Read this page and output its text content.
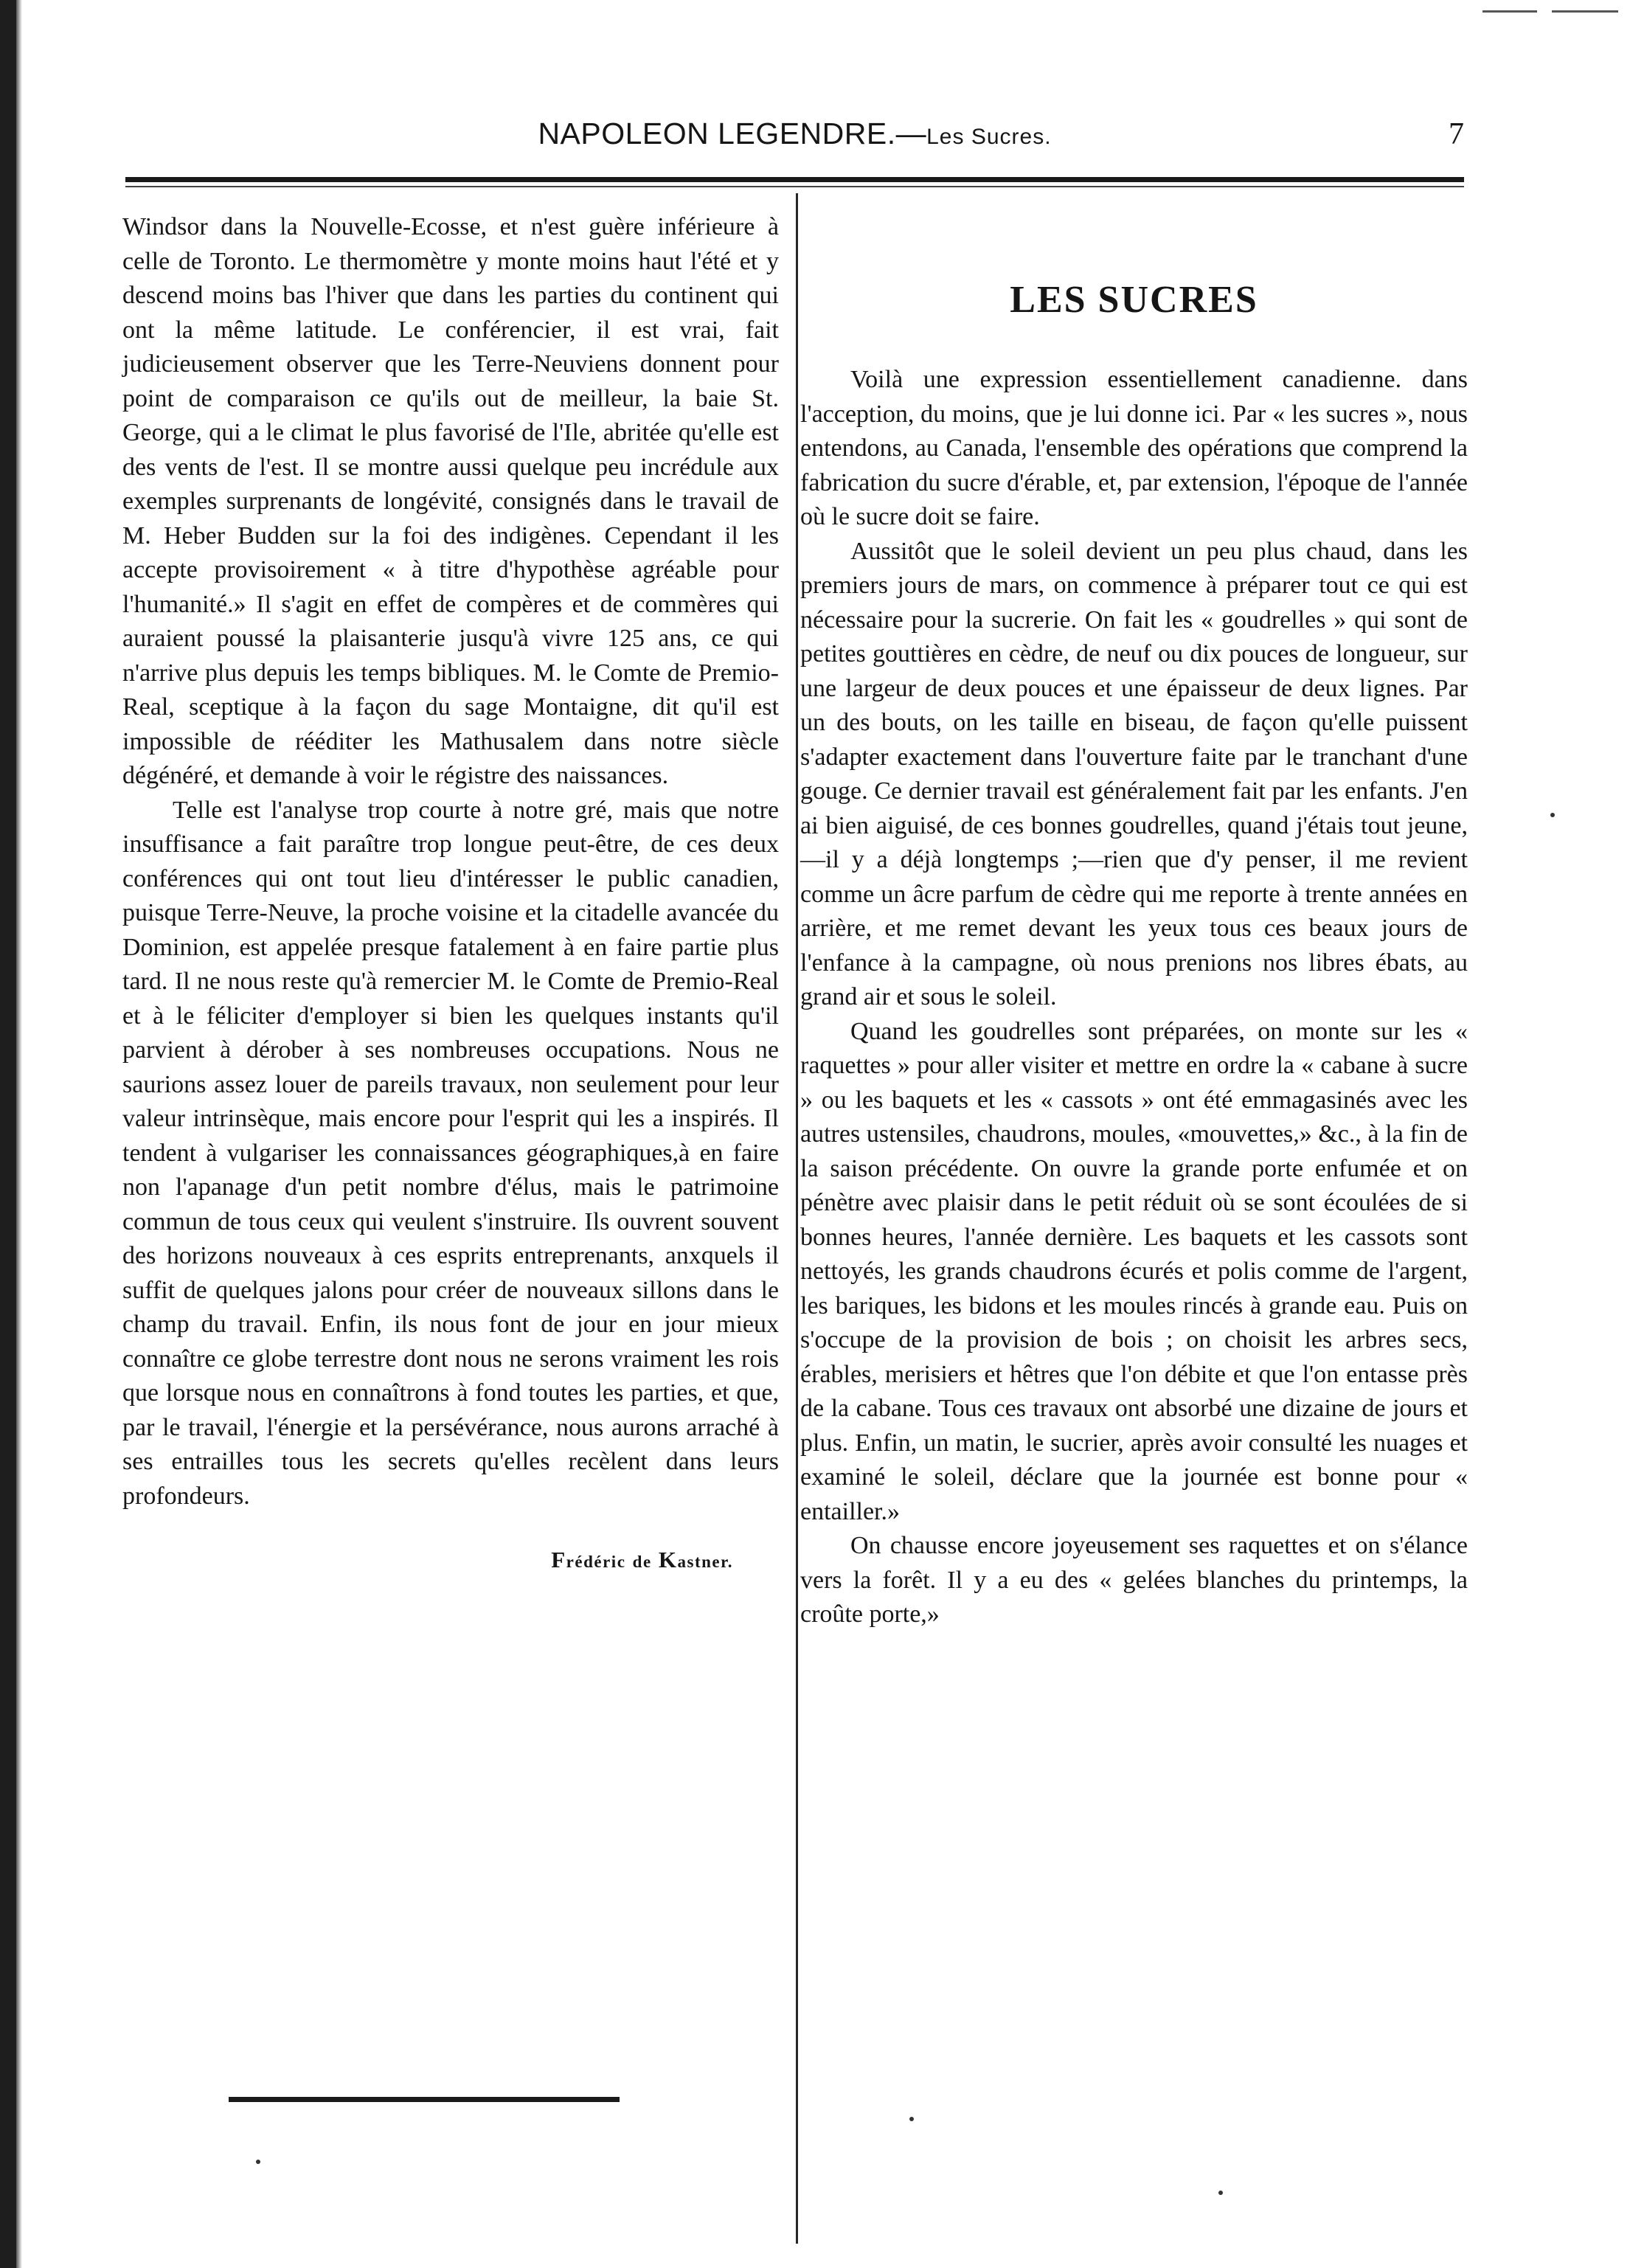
NAPOLEON LEGENDRE.—Les Sucres.	7

Windsor dans la Nouvelle-Ecosse, et n'est guère inférieure à celle de Toronto. Le thermomètre y monte moins haut l'été et y descend moins bas l'hiver que dans les parties du continent qui ont la même latitude. Le conférencier, il est vrai, fait judicieusement observer que les Terre-Neuviens donnent pour point de comparaison ce qu'ils out de meilleur, la baie St. George, qui a le climat le plus favorisé de l'Ile, abritée qu'elle est des vents de l'est. Il se montre aussi quelque peu incrédule aux exemples surprenants de longévité, consignés dans le travail de M. Heber Budden sur la foi des indigènes. Cependant il les accepte provisoirement « à titre d'hypothèse agréable pour l'humanité.» Il s'agit en effet de compères et de commères qui auraient poussé la plaisanterie jusqu'à vivre 125 ans, ce qui n'arrive plus depuis les temps bibliques. M. le Comte de Premio-Real, sceptique à la façon du sage Montaigne, dit qu'il est impossible de rééditer les Mathusalem dans notre siècle dégénéré, et demande à voir le régistre des naissances.

Telle est l'analyse trop courte à notre gré, mais que notre insuffisance a fait paraître trop longue peut-être, de ces deux conférences qui ont tout lieu d'intéresser le public canadien, puisque Terre-Neuve, la proche voisine et la citadelle avancée du Dominion, est appelée presque fatalement à en faire partie plus tard. Il ne nous reste qu'à remercier M. le Comte de Premio-Real et à le féliciter d'employer si bien les quelques instants qu'il parvient à dérober à ses nombreuses occupations. Nous ne saurions assez louer de pareils travaux, non seulement pour leur valeur intrinsèque, mais encore pour l'esprit qui les a inspirés. Il tendent à vulgariser les connaissances géographiques,à en faire non l'apanage d'un petit nombre d'élus, mais le patrimoine commun de tous ceux qui veulent s'instruire. Ils ouvrent souvent des horizons nouveaux à ces esprits entreprenants, anxquels il suffit de quelques jalons pour créer de nouveaux sillons dans le champ du travail. Enfin, ils nous font de jour en jour mieux connaître ce globe terrestre dont nous ne serons vraiment les rois que lorsque nous en connaîtrons à fond toutes les parties, et que, par le travail, l'énergie et la persévérance, nous aurons arraché à ses entrailles tous les secrets qu'elles recèlent dans leurs profondeurs.

Frédéric de Kastner.
LES SUCRES

Voilà une expression essentiellement canadienne. dans l'acception, du moins, que je lui donne ici. Par « les sucres », nous entendons, au Canada, l'ensemble des opérations que comprend la fabrication du sucre d'érable, et, par extension, l'époque de l'année où le sucre doit se faire.

Aussitôt que le soleil devient un peu plus chaud, dans les premiers jours de mars, on commence à préparer tout ce qui est nécessaire pour la sucrerie. On fait les « goudrelles » qui sont de petites gouttières en cèdre, de neuf ou dix pouces de longueur, sur une largeur de deux pouces et une épaisseur de deux lignes. Par un des bouts, on les taille en biseau, de façon qu'elle puissent s'adapter exactement dans l'ouverture faite par le tranchant d'une gouge. Ce dernier travail est généralement fait par les enfants. J'en ai bien aiguisé, de ces bonnes goudrelles, quand j'étais tout jeune,—il y a déjà longtemps ;—rien que d'y penser, il me revient comme un âcre parfum de cèdre qui me reporte à trente années en arrière, et me remet devant les yeux tous ces beaux jours de l'enfance à la campagne, où nous prenions nos libres ébats, au grand air et sous le soleil.

Quand les goudrelles sont préparées, on monte sur les « raquettes » pour aller visiter et mettre en ordre la « cabane à sucre » ou les baquets et les « cassots » ont été emmagasinés avec les autres ustensiles, chaudrons, moules, «mouvettes,» &c., à la fin de la saison précédente. On ouvre la grande porte enfumée et on pénètre avec plaisir dans le petit réduit où se sont écoulées de si bonnes heures, l'année dernière. Les baquets et les cassots sont nettoyés, les grands chaudrons écurés et polis comme de l'argent, les bariques, les bidons et les moules rincés à grande eau. Puis on s'occupe de la provision de bois ; on choisit les arbres secs, érables, merisiers et hêtres que l'on débite et que l'on entasse près de la cabane. Tous ces travaux ont absorbé une dizaine de jours et plus. Enfin, un matin, le sucrier, après avoir consulté les nuages et examiné le soleil, déclare que la journée est bonne pour « entailler.»

On chausse encore joyeusement ses raquettes et on s'élance vers la forêt. Il y a eu des « gelées blanches du printemps, la croûte porte,»
